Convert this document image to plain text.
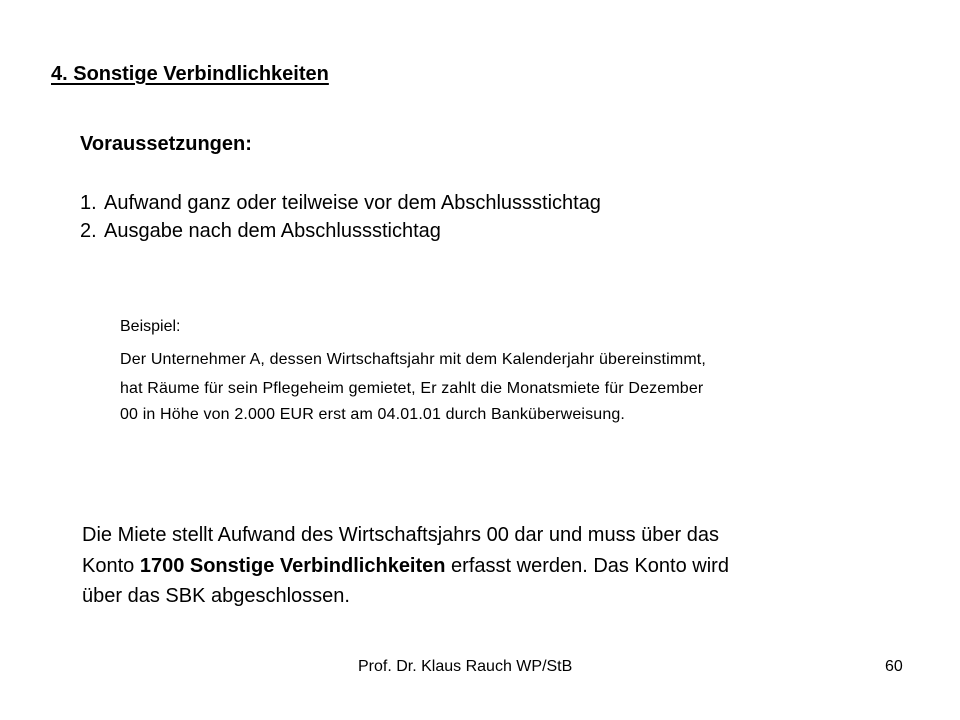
4. Sonstige Verbindlichkeiten
Voraussetzungen:
1. Aufwand ganz oder teilweise vor dem Abschlussstichtag
2. Ausgabe nach dem Abschlussstichtag
Beispiel:
Der Unternehmer A, dessen Wirtschaftsjahr mit dem Kalenderjahr übereinstimmt,
hat Räume für sein Pflegeheim gemietet, Er zahlt die Monatsmiete für Dezember
00 in Höhe von 2.000 EUR erst am 04.01.01 durch Banküberweisung.
Die Miete stellt Aufwand des Wirtschaftsjahrs 00 dar und muss über das
Konto 1700 Sonstige Verbindlichkeiten erfasst werden. Das Konto wird
über das SBK abgeschlossen.
Prof. Dr. Klaus Rauch WP/StB	60
